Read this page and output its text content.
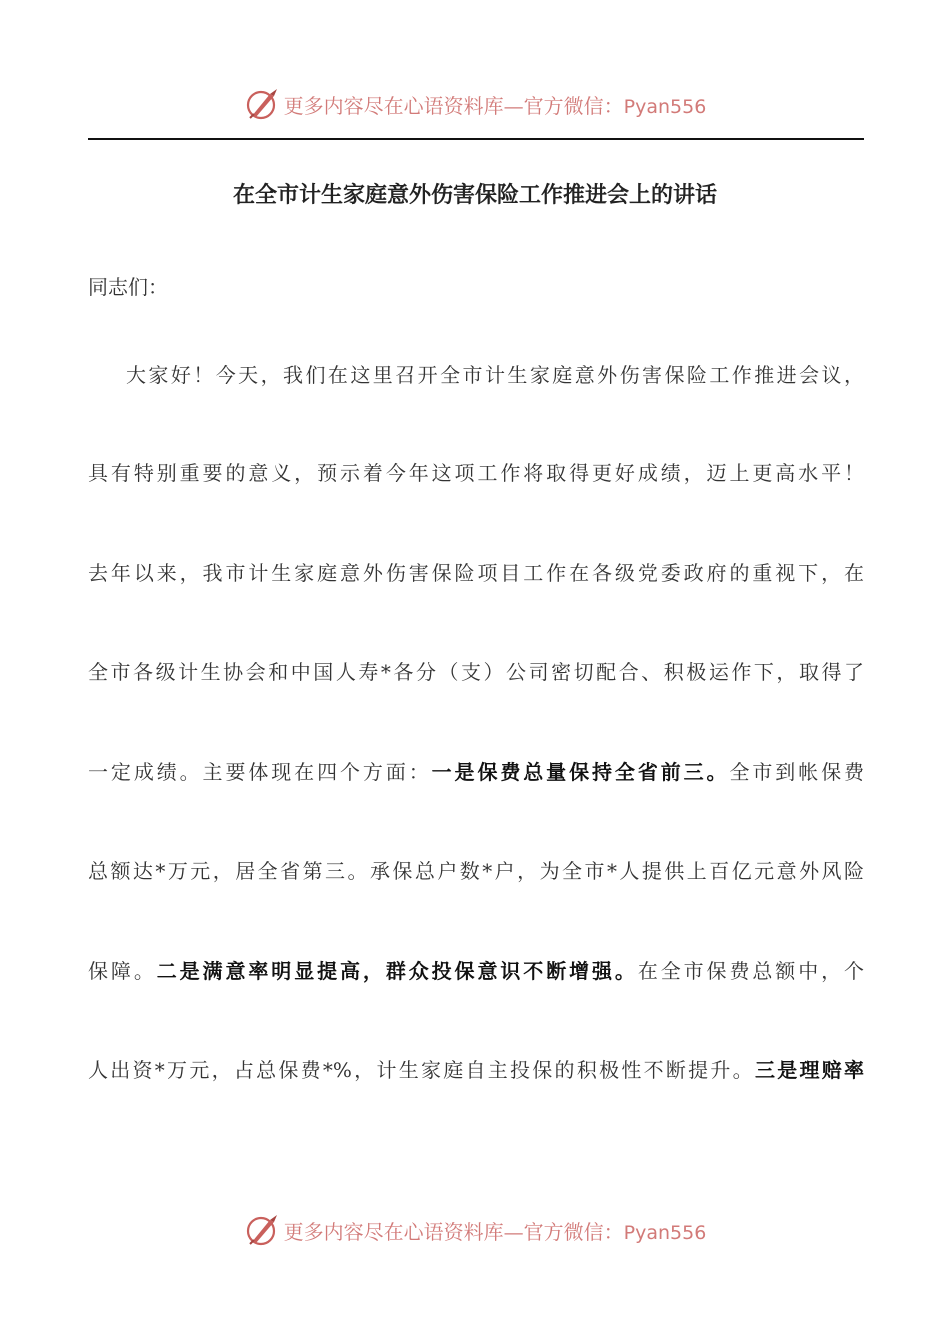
更多内容尽在心语资料库—官方微信：Pyan556
在全市计生家庭意外伤害保险工作推进会上的讲话
同志们：
大家好！今天，我们在这里召开全市计生家庭意外伤害保险工作推进会议，
具有特别重要的意义，预示着今年这项工作将取得更好成绩，迈上更高水平！
去年以来，我市计生家庭意外伤害保险项目工作在各级党委政府的重视下，在
全市各级计生协会和中国人寿*各分（支）公司密切配合、积极运作下，取得了
一定成绩。主要体现在四个方面：一是保费总量保持全省前三。全市到帐保费
总额达*万元，居全省第三。承保总户数*户，为全市*人提供上百亿元意外风险
保障。二是满意率明显提高，群众投保意识不断增强。在全市保费总额中，个
人出资*万元，占总保费*%，计生家庭自主投保的积极性不断提升。三是理赔率
更多内容尽在心语资料库—官方微信：Pyan556
